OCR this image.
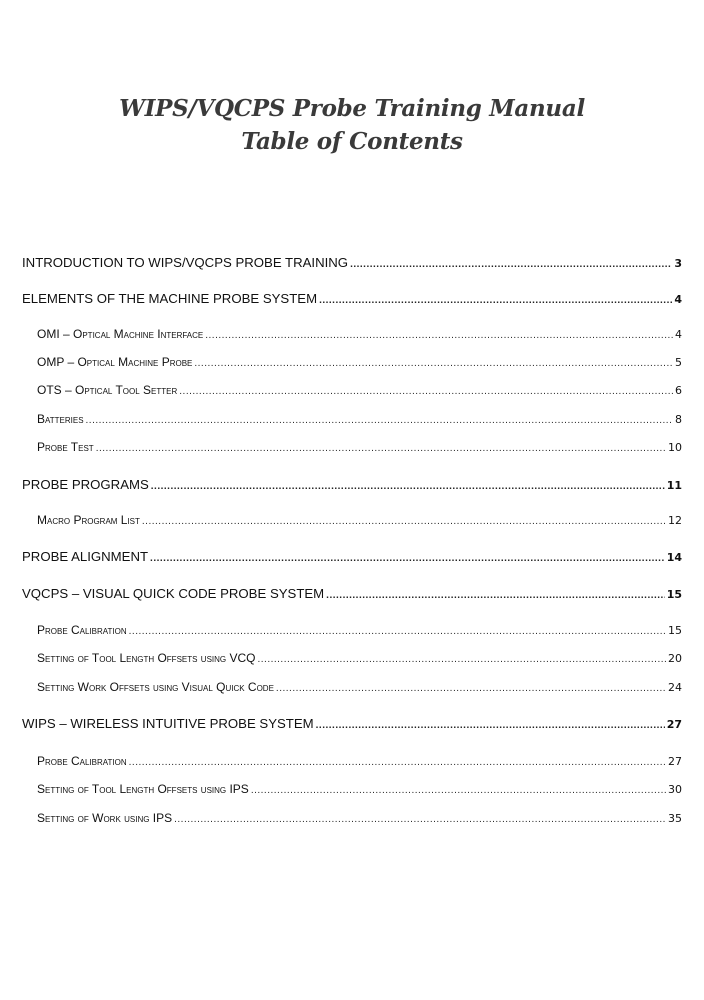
WIPS/VQCPS Probe Training Manual
Table of Contents
INTRODUCTION TO WIPS/VQCPS PROBE TRAINING .....	3
ELEMENTS OF THE MACHINE PROBE SYSTEM .....	4
OMI – Optical Machine Interface .....	4
OMP – Optical Machine Probe .....	5
OTS – Optical Tool Setter .....	6
Batteries .....	8
Probe Test .....	10
PROBE PROGRAMS .....	11
Macro Program List .....	12
PROBE ALIGNMENT .....	14
VQCPS – VISUAL QUICK CODE PROBE SYSTEM .....	15
Probe Calibration .....	15
Setting of Tool Length Offsets using VCQ .....	20
Setting Work Offsets using Visual Quick Code .....	24
WIPS – WIRELESS INTUITIVE PROBE SYSTEM .....	27
Probe Calibration .....	27
Setting of Tool Length Offsets using IPS .....	30
Setting of Work using IPS .....	35
